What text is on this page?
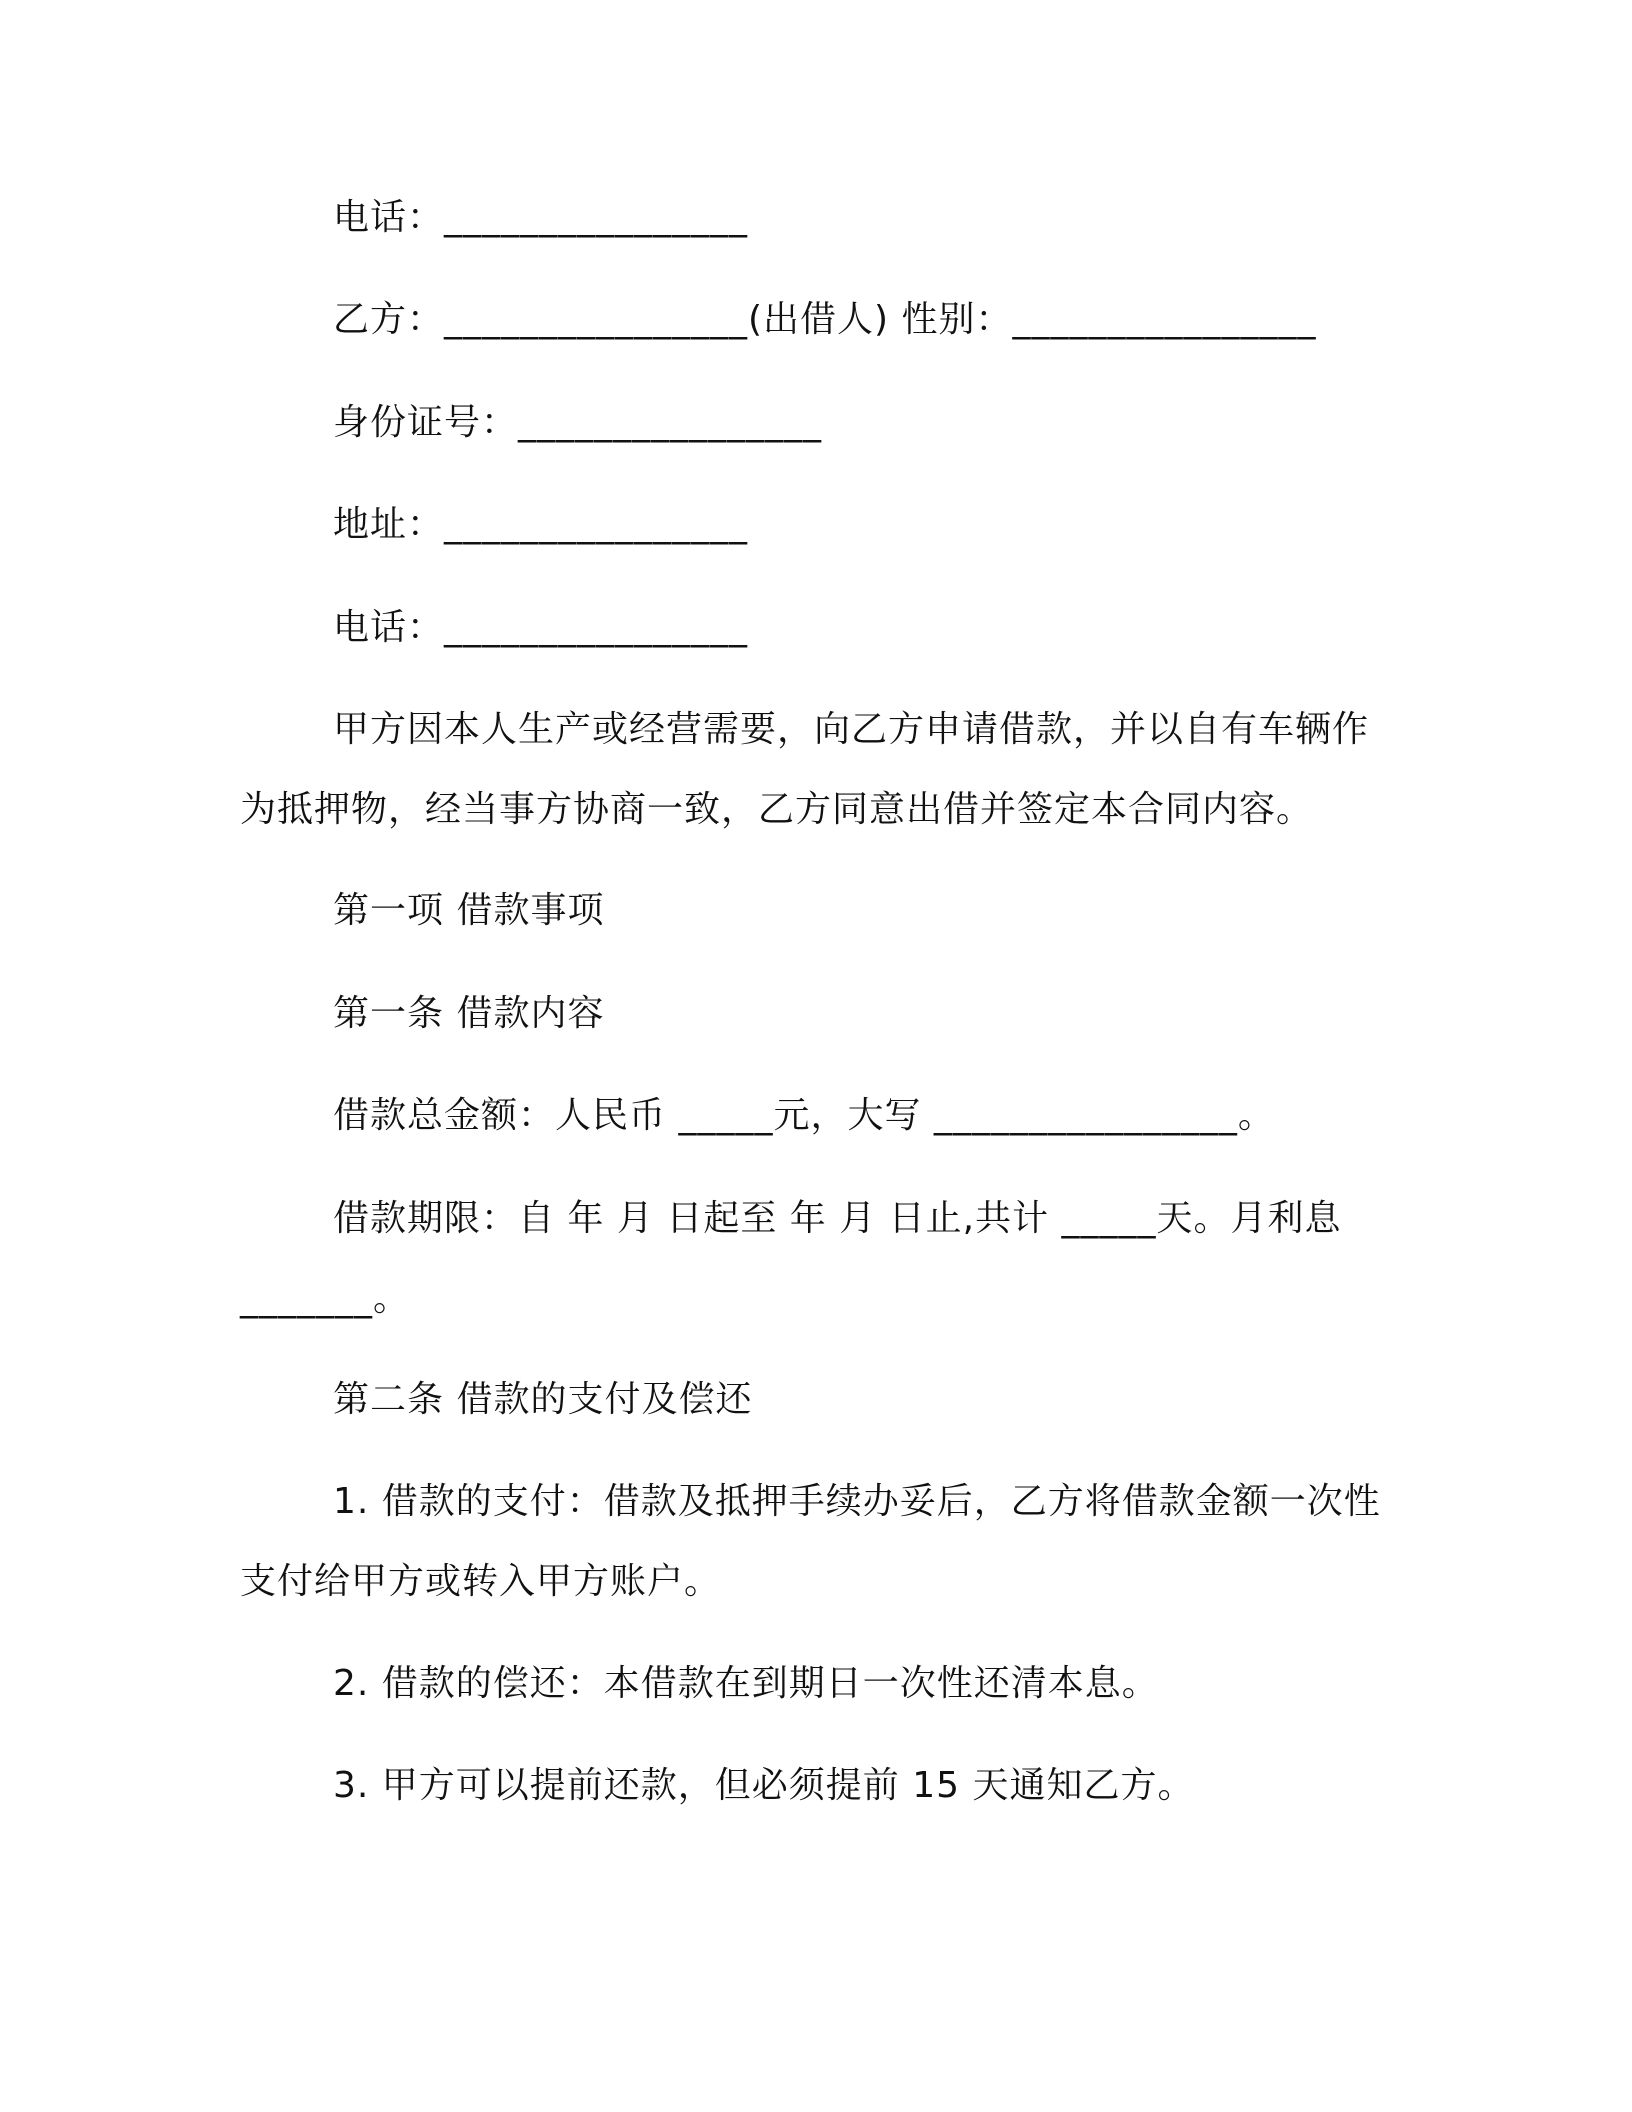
电话：________________
乙方：________________(出借人) 性别：________________
身份证号：________________
地址：________________
电话：________________
甲方因本人生产或经营需要，向乙方申请借款，并以自有车辆作
为抵押物，经当事方协商一致，乙方同意出借并签定本合同内容。
第一项 借款事项
第一条 借款内容
借款总金额：人民币 _____元，大写 ________________。
借款期限：自 年 月 日起至 年 月 日止,共计 _____天。月利息
_______。
第二条 借款的支付及偿还
1. 借款的支付：借款及抵押手续办妥后，乙方将借款金额一次性
支付给甲方或转入甲方账户。
2. 借款的偿还：本借款在到期日一次性还清本息。
3. 甲方可以提前还款，但必须提前 15 天通知乙方。
